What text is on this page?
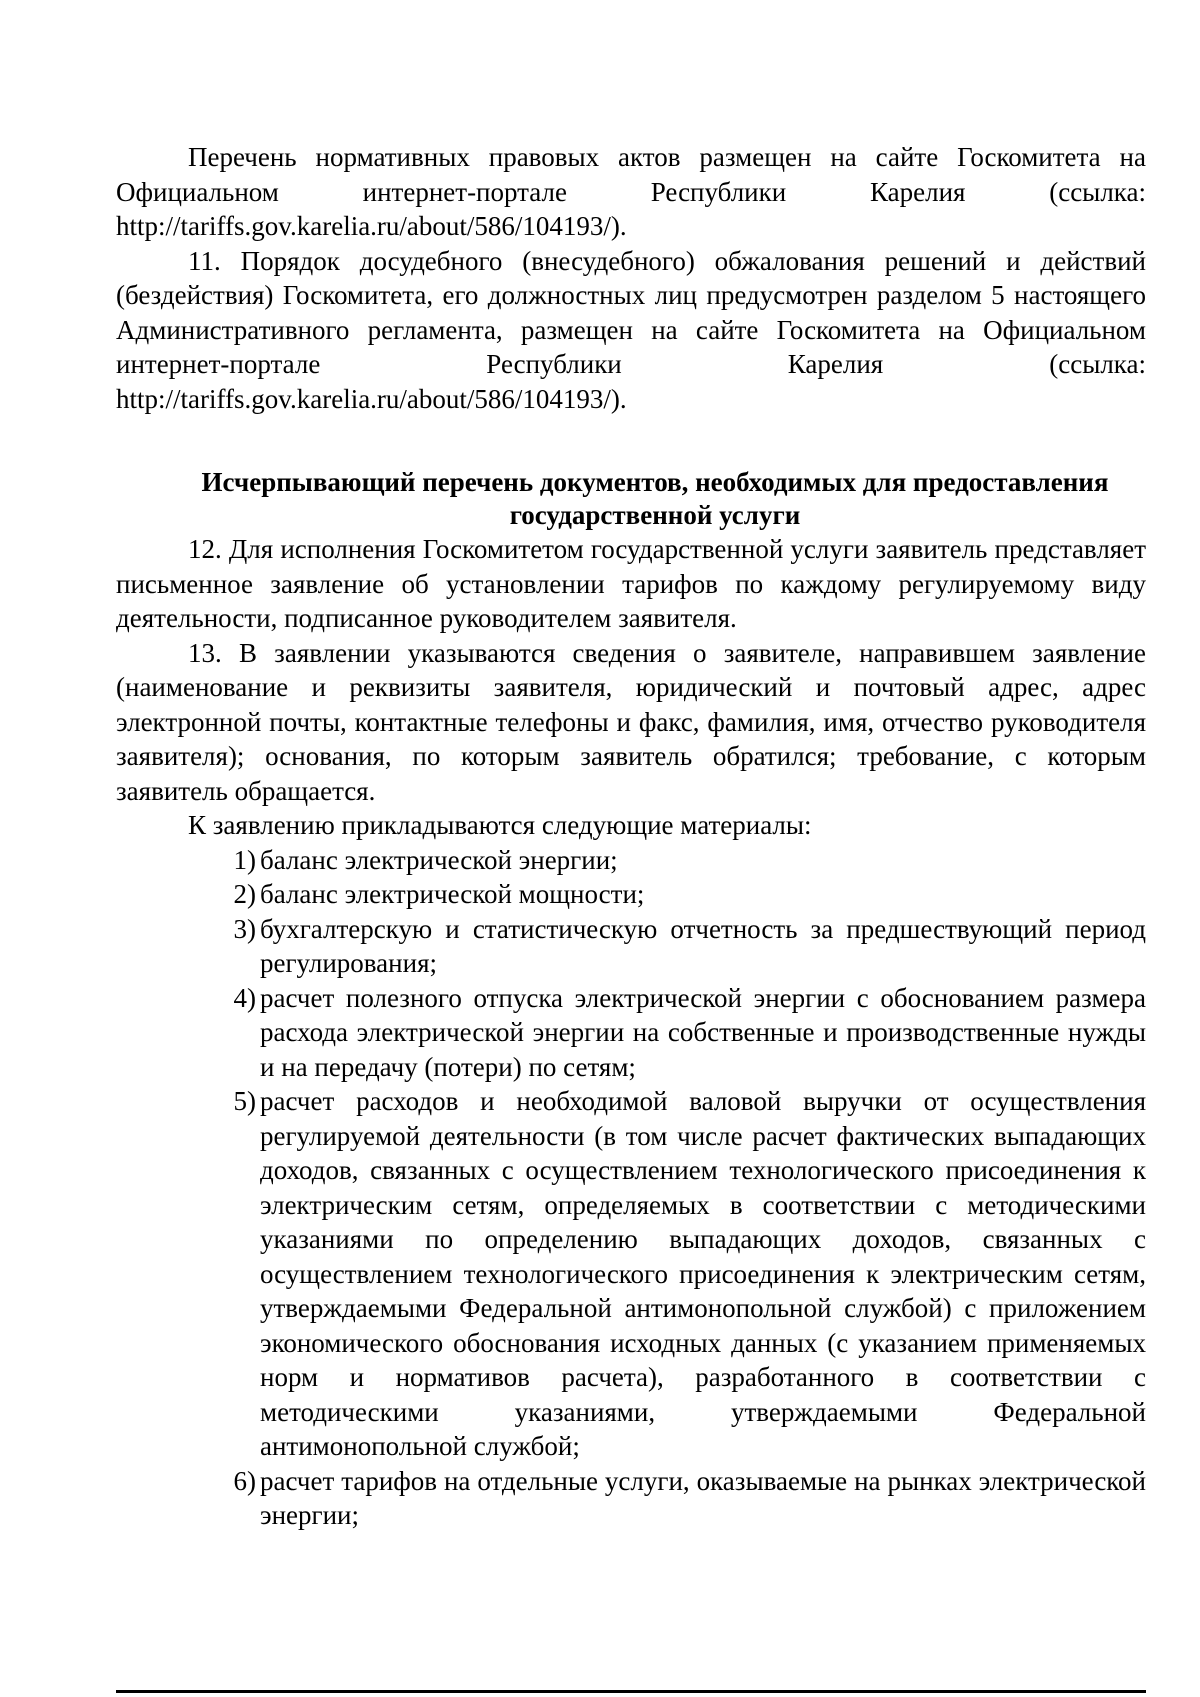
Перечень нормативных правовых актов размещен на сайте Госкомитета на Официальном интернет-портале Республики Карелия (ссылка: http://tariffs.gov.karelia.ru/about/586/104193/).

11. Порядок досудебного (внесудебного) обжалования решений и действий (бездействия) Госкомитета, его должностных лиц предусмотрен разделом 5 настоящего Административного регламента, размещен на сайте Госкомитета на Официальном интернет-портале Республики Карелия (ссылка: http://tariffs.gov.karelia.ru/about/586/104193/).

Исчерпывающий перечень документов, необходимых для предоставления государственной услуги

12. Для исполнения Госкомитетом государственной услуги заявитель представляет письменное заявление об установлении тарифов по каждому регулируемому виду деятельности, подписанное руководителем заявителя.

13. В заявлении указываются сведения о заявителе, направившем заявление (наименование и реквизиты заявителя, юридический и почтовый адрес, адрес электронной почты, контактные телефоны и факс, фамилия, имя, отчество руководителя заявителя); основания, по которым заявитель обратился; требование, с которым заявитель обращается.

К заявлению прикладываются следующие материалы:

1) баланс электрической энергии;
2) баланс электрической мощности;
3) бухгалтерскую и статистическую отчетность за предшествующий период регулирования;
4) расчет полезного отпуска электрической энергии с обоснованием размера расхода электрической энергии на собственные и производственные нужды и на передачу (потери) по сетям;
5) расчет расходов и необходимой валовой выручки от осуществления регулируемой деятельности (в том числе расчет фактических выпадающих доходов, связанных с осуществлением технологического присоединения к электрическим сетям, определяемых в соответствии с методическими указаниями по определению выпадающих доходов, связанных с осуществлением технологического присоединения к электрическим сетям, утверждаемыми Федеральной антимонопольной службой) с приложением экономического обоснования исходных данных (с указанием применяемых норм и нормативов расчета), разработанного в соответствии с методическими указаниями, утверждаемыми Федеральной антимонопольной службой;
6) расчет тарифов на отдельные услуги, оказываемые на рынках электрической энергии;
